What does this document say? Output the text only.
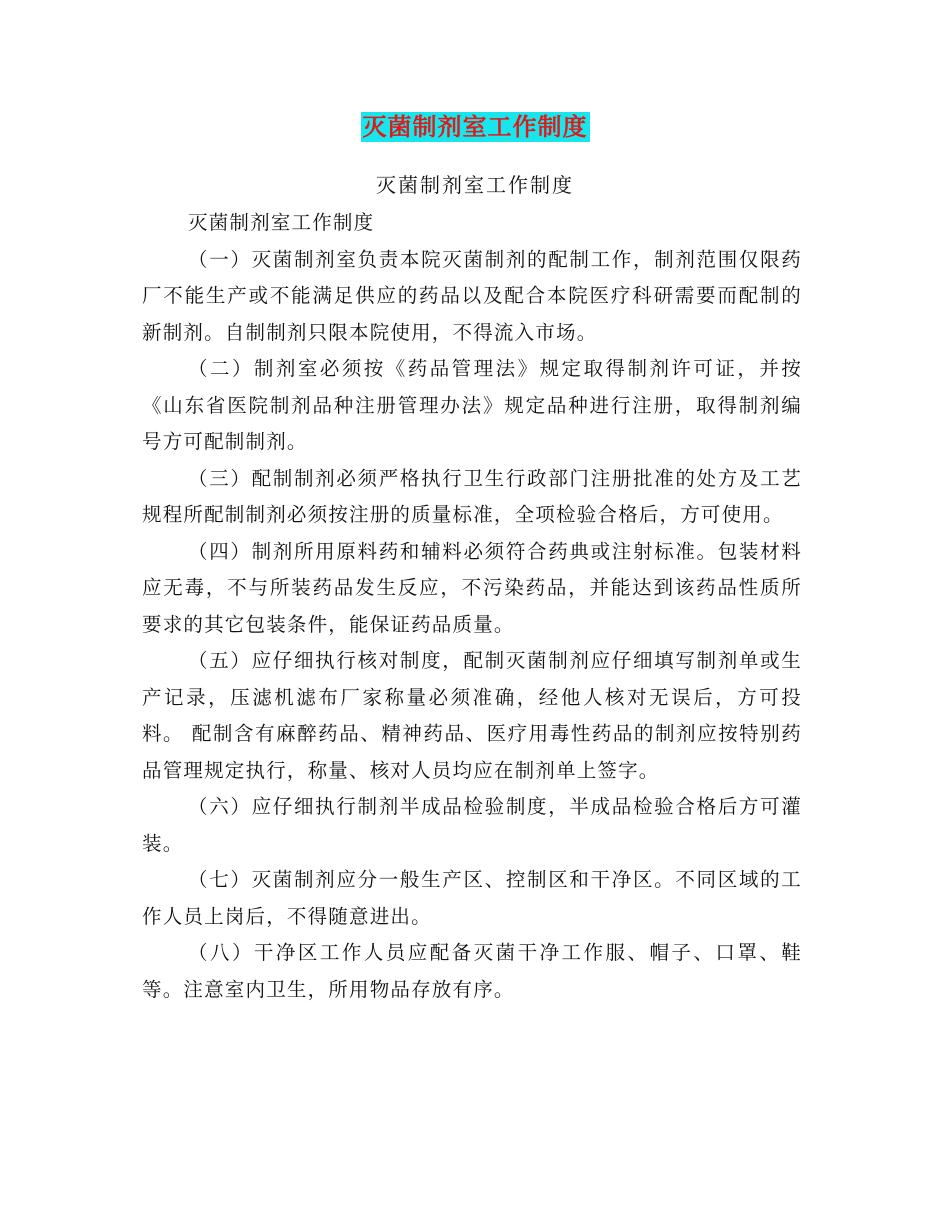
灭菌制剂室工作制度
灭菌制剂室工作制度

灭菌制剂室工作制度

（一）灭菌制剂室负责本院灭菌制剂的配制工作，制剂范围仅限药厂不能生产或不能满足供应的药品以及配合本院医疗科研需要而配制的新制剂。自制制剂只限本院使用，不得流入市场。

（二）制剂室必须按《药品管理法》规定取得制剂许可证，并按《山东省医院制剂品种注册管理办法》规定品种进行注册，取得制剂编号方可配制制剂。

（三）配制制剂必须严格执行卫生行政部门注册批准的处方及工艺规程所配制制剂必须按注册的质量标准，全项检验合格后，方可使用。

（四）制剂所用原料药和辅料必须符合药典或注射标准。包装材料应无毒，不与所装药品发生反应，不污染药品，并能达到该药品性质所要求的其它包装条件，能保证药品质量。

（五）应仔细执行核对制度，配制灭菌制剂应仔细填写制剂单或生产记录，压滤机滤布厂家称量必须准确，经他人核对无误后，方可投料。 配制含有麻醉药品、精神药品、医疗用毒性药品的制剂应按特别药品管理规定执行，称量、核对人员均应在制剂单上签字。

（六）应仔细执行制剂半成品检验制度，半成品检验合格后方可灌装。

（七）灭菌制剂应分一般生产区、控制区和干净区。不同区域的工作人员上岗后，不得随意进出。

（八）干净区工作人员应配备灭菌干净工作服、帽子、口罩、鞋等。注意室内卫生，所用物品存放有序。
